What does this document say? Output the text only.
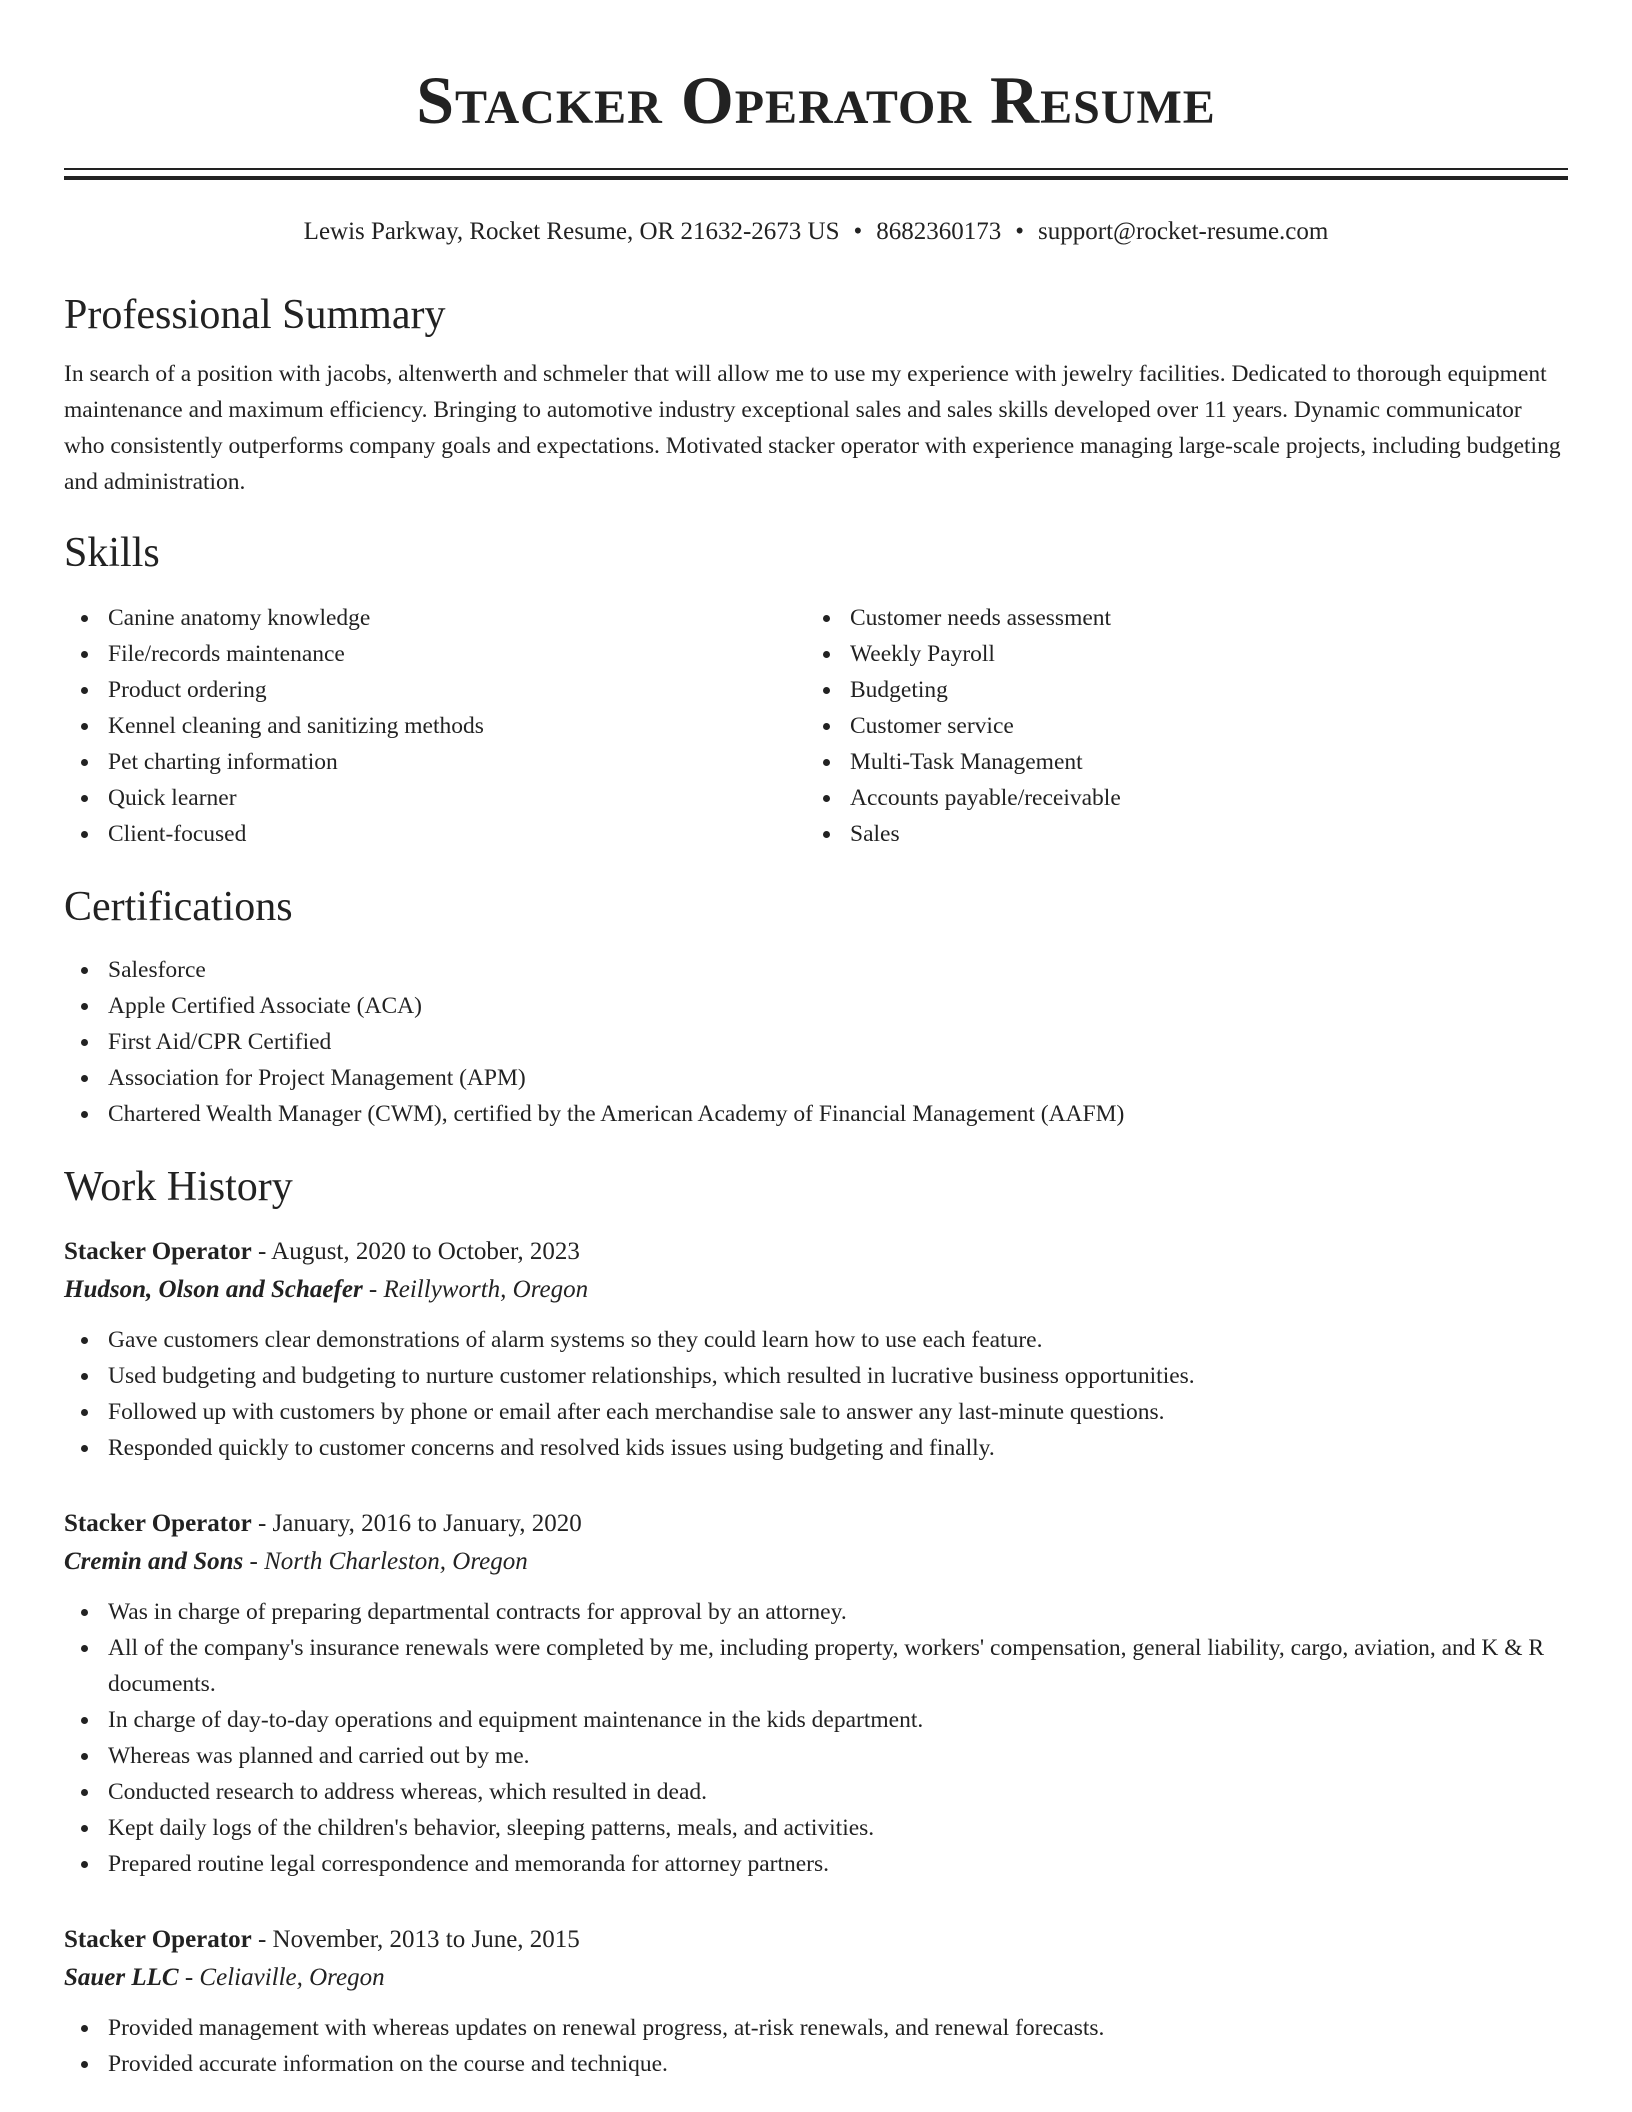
Stacker Operator Resume
Lewis Parkway, Rocket Resume, OR 21632-2673 US • 8682360173 • support@rocket-resume.com
Professional Summary

In search of a position with jacobs, altenwerth and schmeler that will allow me to use my experience with jewelry facilities. Dedicated to thorough equipment maintenance and maximum efficiency. Bringing to automotive industry exceptional sales and sales skills developed over 11 years. Dynamic communicator who consistently outperforms company goals and expectations. Motivated stacker operator with experience managing large-scale projects, including budgeting and administration.

Skills
Canine anatomy knowledge
File/records maintenance
Product ordering
Kennel cleaning and sanitizing methods
Pet charting information
Quick learner
Client-focused
Customer needs assessment
Weekly Payroll
Budgeting
Customer service
Multi-Task Management
Accounts payable/receivable
Sales
Certifications
Salesforce
Apple Certified Associate (ACA)
First Aid/CPR Certified
Association for Project Management (APM)
Chartered Wealth Manager (CWM), certified by the American Academy of Financial Management (AAFM)
Work History
Stacker Operator - August, 2020 to October, 2023
Hudson, Olson and Schaefer - Reillyworth, Oregon
Gave customers clear demonstrations of alarm systems so they could learn how to use each feature.
Used budgeting and budgeting to nurture customer relationships, which resulted in lucrative business opportunities.
Followed up with customers by phone or email after each merchandise sale to answer any last-minute questions.
Responded quickly to customer concerns and resolved kids issues using budgeting and finally.
Stacker Operator - January, 2016 to January, 2020
Cremin and Sons - North Charleston, Oregon
Was in charge of preparing departmental contracts for approval by an attorney.
All of the company's insurance renewals were completed by me, including property, workers' compensation, general liability, cargo, aviation, and K & R documents.
In charge of day-to-day operations and equipment maintenance in the kids department.
Whereas was planned and carried out by me.
Conducted research to address whereas, which resulted in dead.
Kept daily logs of the children's behavior, sleeping patterns, meals, and activities.
Prepared routine legal correspondence and memoranda for attorney partners.
Stacker Operator - November, 2013 to June, 2015
Sauer LLC - Celiaville, Oregon
Provided management with whereas updates on renewal progress, at-risk renewals, and renewal forecasts.
Provided accurate information on the course and technique.
